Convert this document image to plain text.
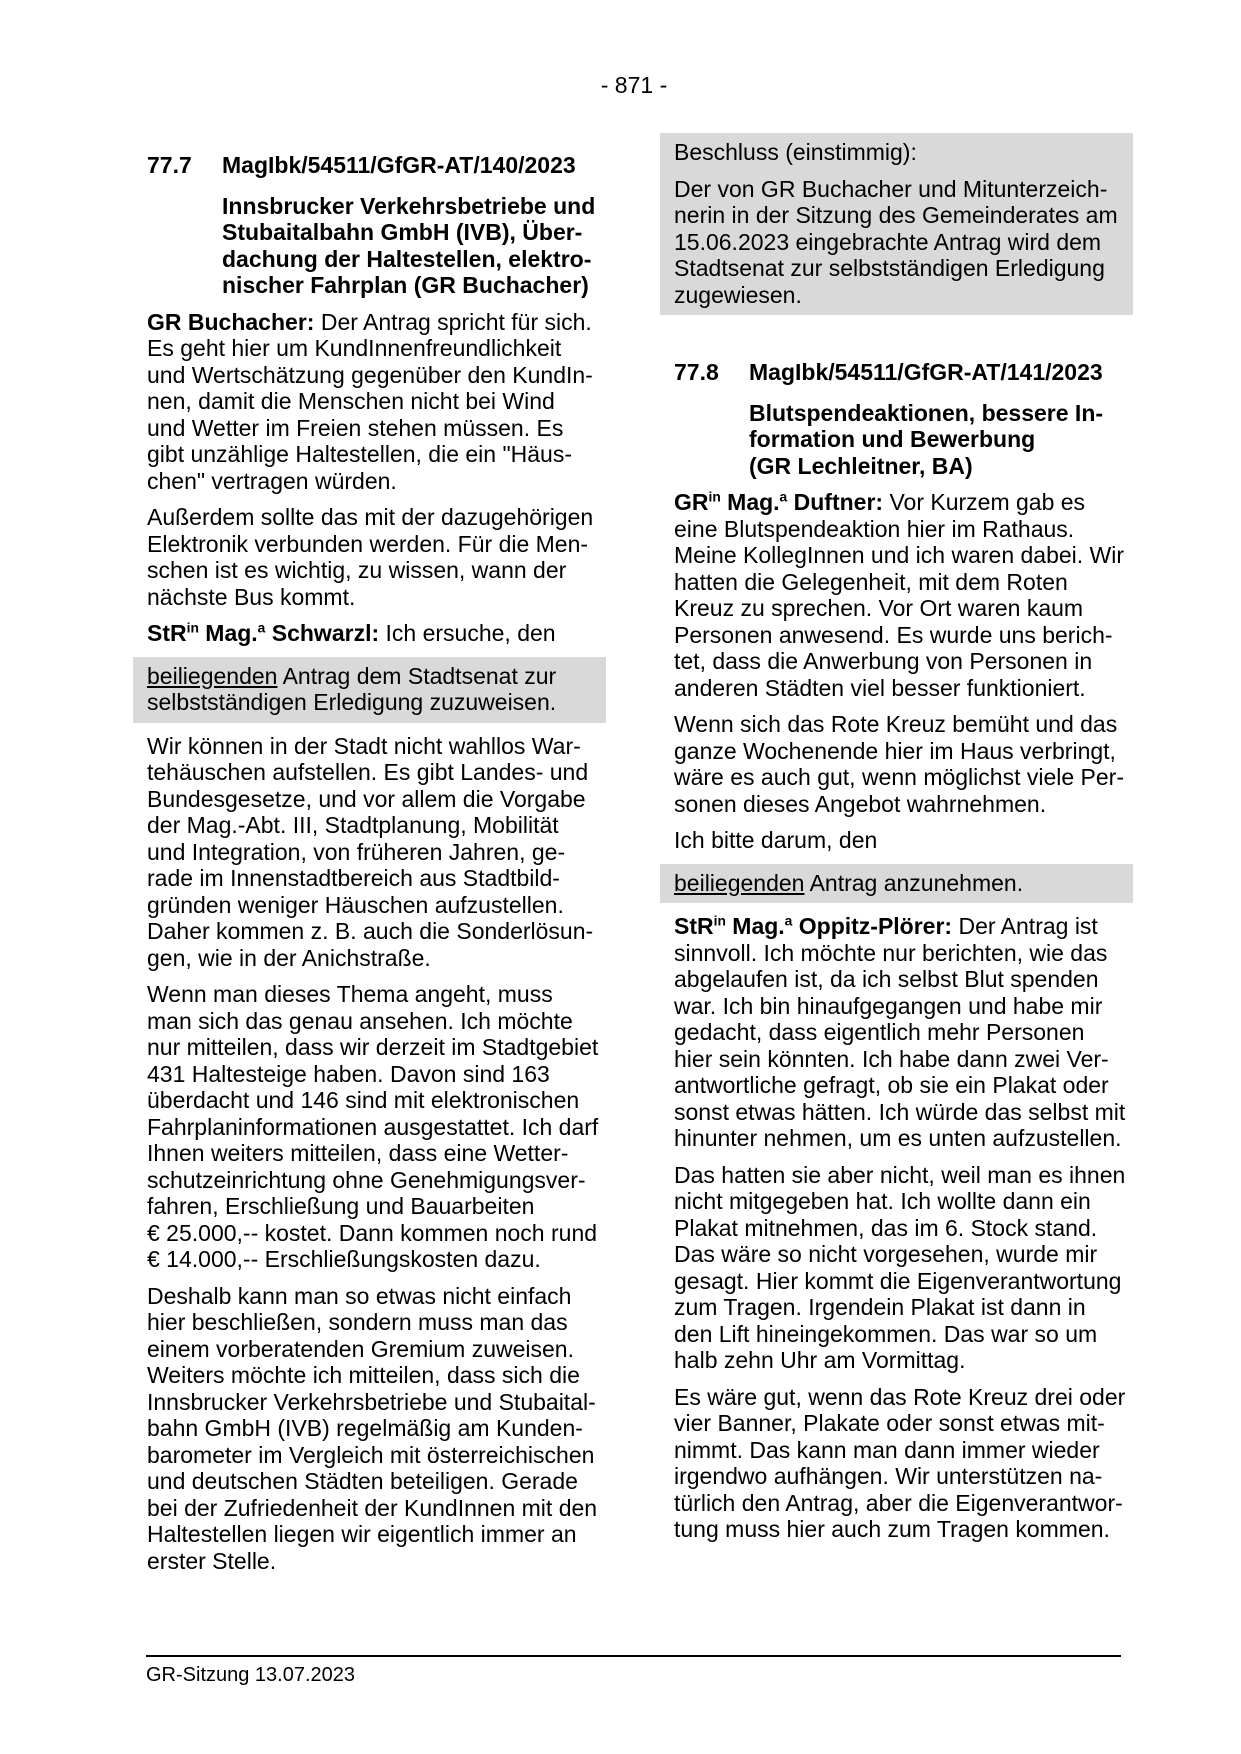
- 871 -
77.7 MagIbk/54511/GfGR-AT/140/2023
Innsbrucker Verkehrsbetriebe und
Stubaitalbahn GmbH (IVB), Über-
dachung der Haltestellen, elektro-
nischer Fahrplan (GR Buchacher)
GR Buchacher: Der Antrag spricht für sich.
Es geht hier um KundInnenfreundlichkeit
und Wertschätzung gegenüber den KundIn-
nen, damit die Menschen nicht bei Wind
und Wetter im Freien stehen müssen. Es
gibt unzählige Haltestellen, die ein "Häus-
chen" vertragen würden.
Außerdem sollte das mit der dazugehörigen
Elektronik verbunden werden. Für die Men-
schen ist es wichtig, zu wissen, wann der
nächste Bus kommt.
StR$^{in}$ Mag.$^a$ Schwarzl: Ich ersuche, den
beiliegenden Antrag dem Stadtsenat zur
selbstständigen Erledigung zuzuweisen.
Wir können in der Stadt nicht wahllos War-
tehäuschen aufstellen. Es gibt Landes- und
Bundesgesetze, und vor allem die Vorgabe
der Mag.-Abt. III, Stadtplanung, Mobilität
und Integration, von früheren Jahren, ge-
rade im Innenstadtbereich aus Stadtbild-
gründen weniger Häuschen aufzustellen.
Daher kommen z. B. auch die Sonderlösun-
gen, wie in der Anichstraße.
Wenn man dieses Thema angeht, muss
man sich das genau ansehen. Ich möchte
nur mitteilen, dass wir derzeit im Stadtgebiet
431 Haltesteige haben. Davon sind 163
überdacht und 146 sind mit elektronischen
Fahrplaninformationen ausgestattet. Ich darf
Ihnen weiters mitteilen, dass eine Wetter-
schutzeinrichtung ohne Genehmigungsver-
fahren, Erschließung und Bauarbeiten
€ 25.000,-- kostet. Dann kommen noch rund
€ 14.000,-- Erschließungskosten dazu.
Deshalb kann man so etwas nicht einfach
hier beschließen, sondern muss man das
einem vorberatenden Gremium zuweisen.
Weiters möchte ich mitteilen, dass sich die
Innsbrucker Verkehrsbetriebe und Stubaital-
bahn GmbH (IVB) regelmäßig am Kunden-
barometer im Vergleich mit österreichischen
und deutschen Städten beteiligen. Gerade
bei der Zufriedenheit der KundInnen mit den
Haltestellen liegen wir eigentlich immer an
erster Stelle.
Beschluss (einstimmig):
Der von GR Buchacher und Mitunterzeich-
nerin in der Sitzung des Gemeinderates am
15.06.2023 eingebrachte Antrag wird dem
Stadtsenat zur selbstständigen Erledigung
zugewiesen.
77.8 MagIbk/54511/GfGR-AT/141/2023
Blutspendeaktionen, bessere In-
formation und Bewerbung
(GR Lechleitner, BA)
$GR^{in}$ Mag.$^a$ Duftner: Vor Kurzem gab es
eine Blutspendeaktion hier im Rathaus.
Meine KollegInnen und ich waren dabei. Wir
hatten die Gelegenheit, mit dem Roten
Kreuz zu sprechen. Vor Ort waren kaum
Personen anwesend. Es wurde uns berich-
tet, dass die Anwerbung von Personen in
anderen Städten viel besser funktioniert.
Wenn sich das Rote Kreuz bemüht und das
ganze Wochenende hier im Haus verbringt,
wäre es auch gut, wenn möglichst viele Per-
sonen dieses Angebot wahrnehmen.
Ich bitte darum, den
beiliegenden Antrag anzunehmen.
StR$^{in}$ Mag.$^a$ Oppitz-Plörer: Der Antrag ist
sinnvoll. Ich möchte nur berichten, wie das
abgelaufen ist, da ich selbst Blut spenden
war. Ich bin hinaufgegangen und habe mir
gedacht, dass eigentlich mehr Personen
hier sein könnten. Ich habe dann zwei Ver-
antwortliche gefragt, ob sie ein Plakat oder
sonst etwas hätten. Ich würde das selbst mit
hinunter nehmen, um es unten aufzustellen.
Das hatten sie aber nicht, weil man es ihnen
nicht mitgegeben hat. Ich wollte dann ein
Plakat mitnehmen, das im 6. Stock stand.
Das wäre so nicht vorgesehen, wurde mir
gesagt. Hier kommt die Eigenverantwortung
zum Tragen. Irgendein Plakat ist dann in
den Lift hineingekommen. Das war so um
halb zehn Uhr am Vormittag.
Es wäre gut, wenn das Rote Kreuz drei oder
vier Banner, Plakate oder sonst etwas mit-
nimmt. Das kann man dann immer wieder
irgendwo aufhängen. Wir unterstützen na-
türlich den Antrag, aber die Eigenverantwor-
tung muss hier auch zum Tragen kommen.
GR-Sitzung 13.07.2023
